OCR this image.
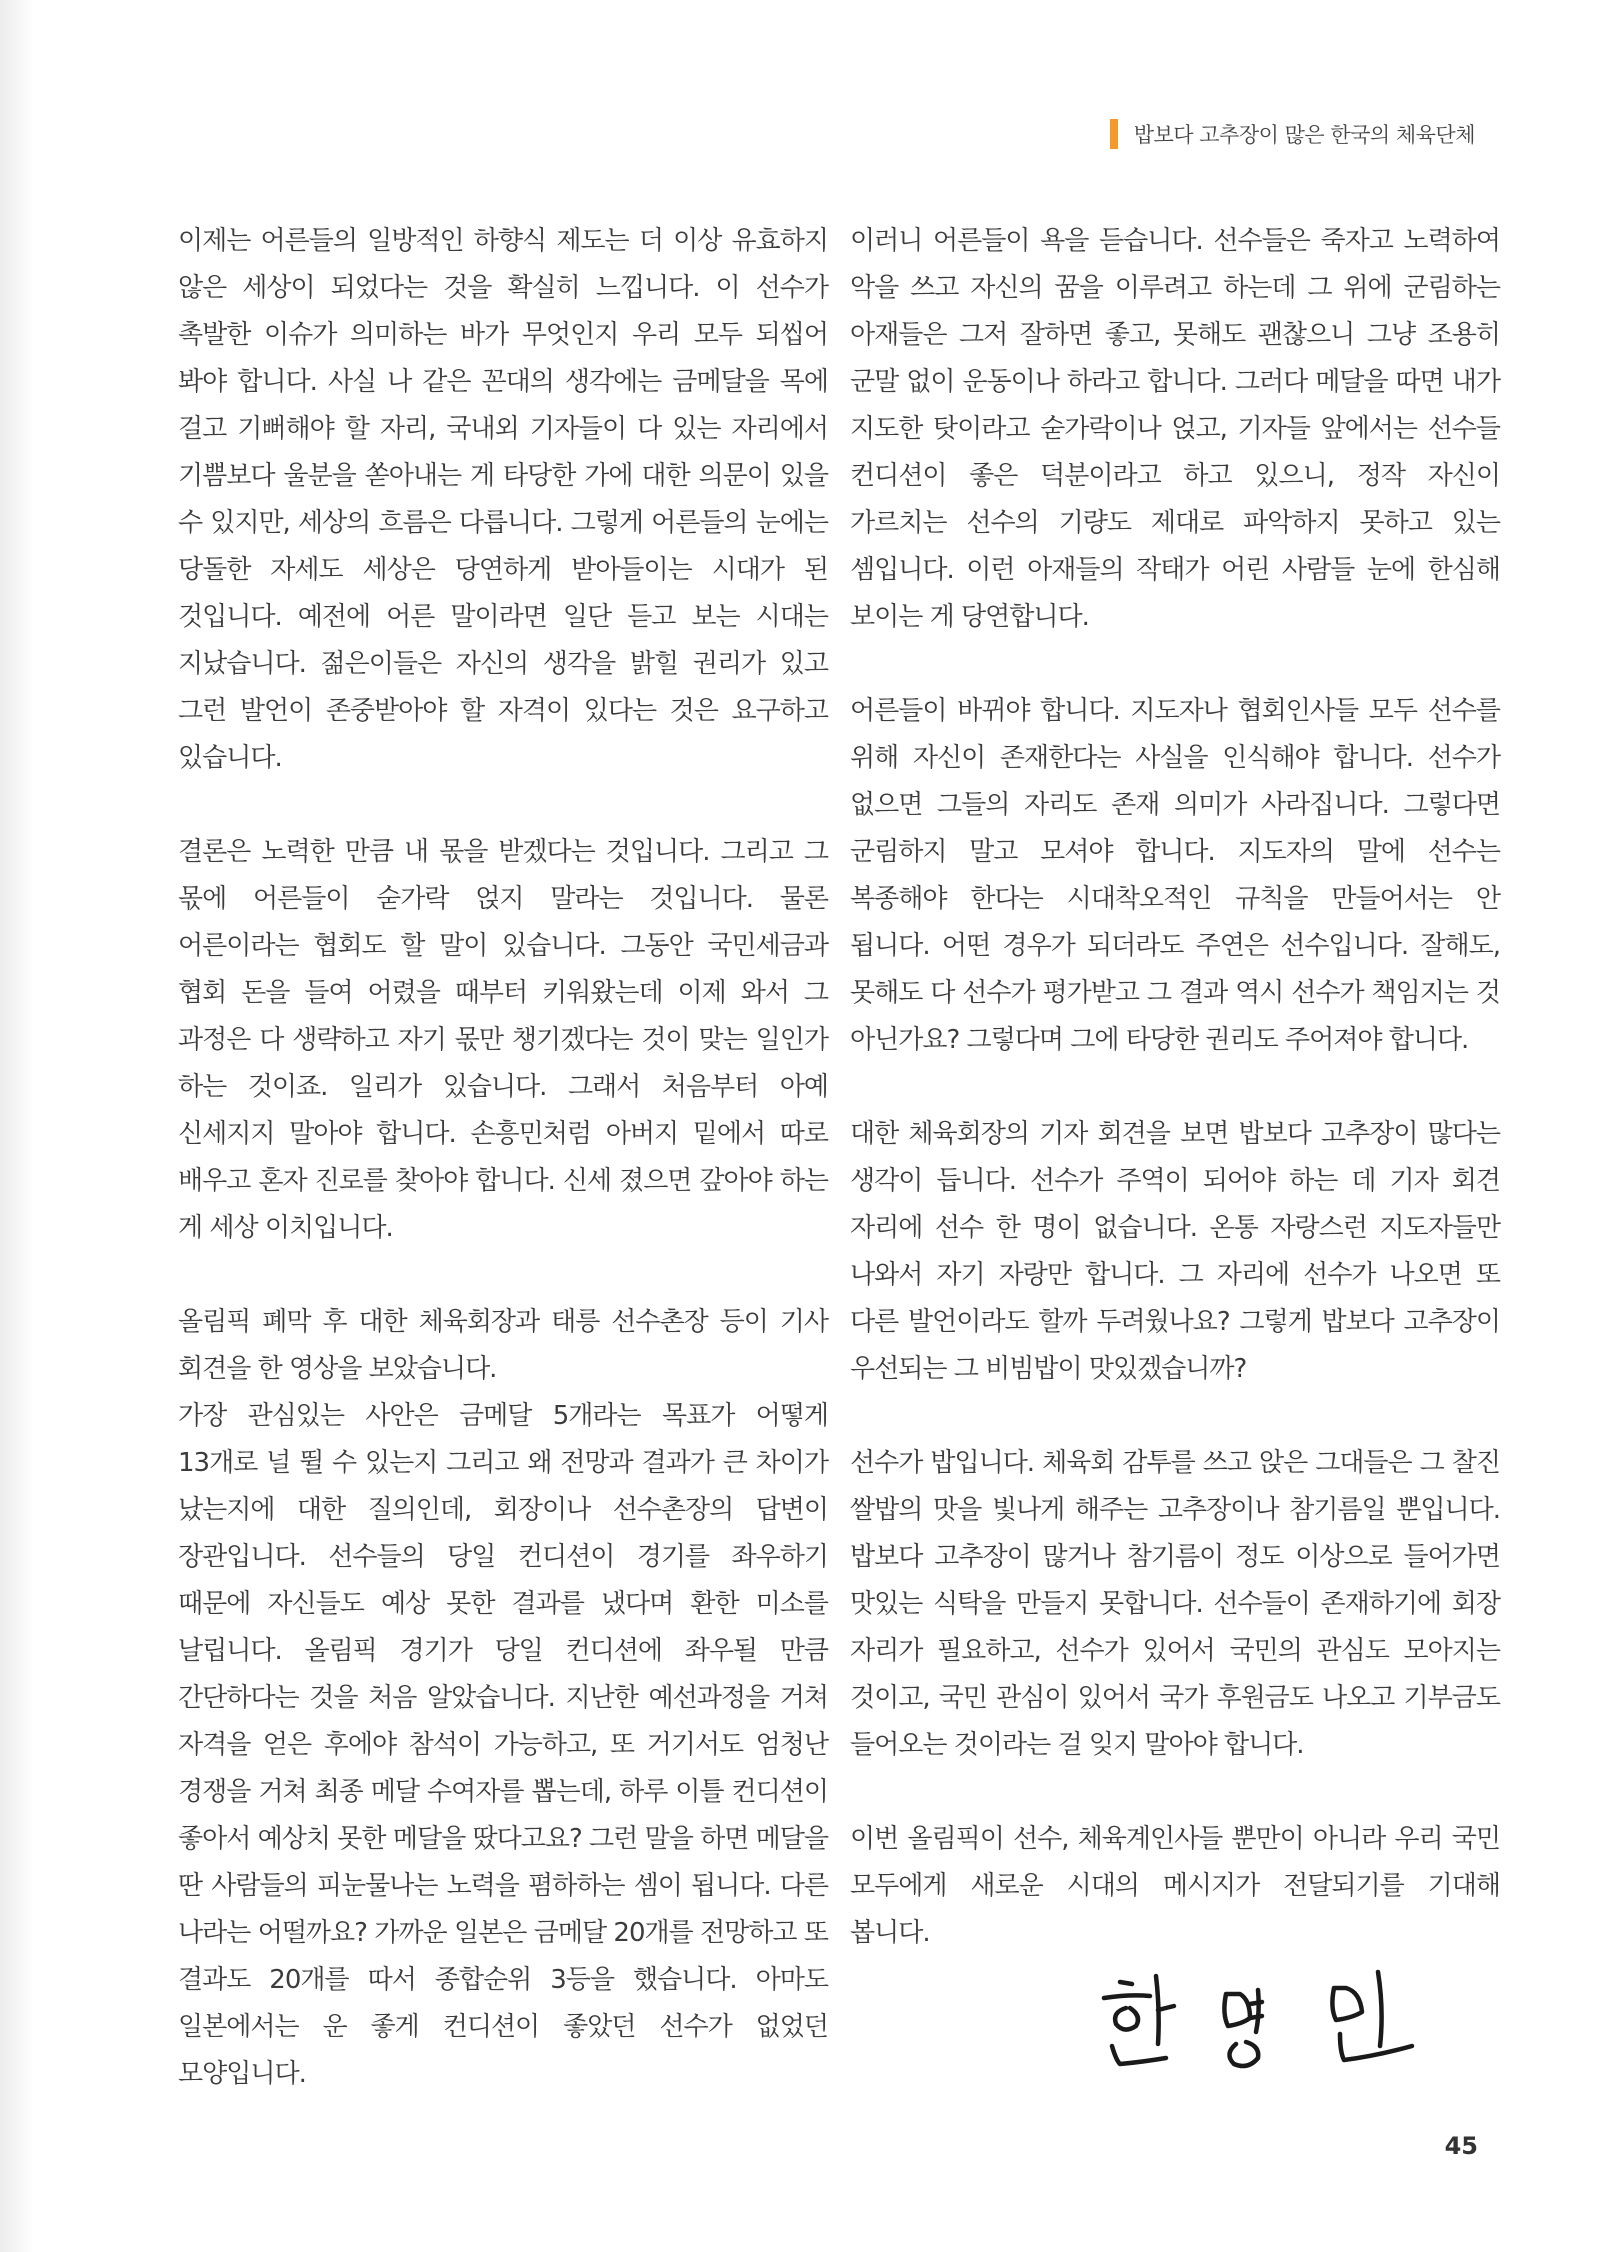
밥보다 고추장이 많은 한국의 체육단체

이제는 어른들의 일방적인 하향식 제도는 더 이상 유효하지 않은 세상이 되었다는 것을 확실히 느낍니다. 이 선수가 촉발한 이슈가 의미하는 바가 무엇인지 우리 모두 되씹어 봐야 합니다. 사실 나 같은 꼰대의 생각에는 금메달을 목에 걸고 기뻐해야 할 자리, 국내외 기자들이 다 있는 자리에서 기쁨보다 울분을 쏟아내는 게 타당한 가에 대한 의문이 있을 수 있지만, 세상의 흐름은 다릅니다. 그렇게 어른들의 눈에는 당돌한 자세도 세상은 당연하게 받아들이는 시대가 된 것입니다. 예전에 어른 말이라면 일단 듣고 보는 시대는 지났습니다. 젊은이들은 자신의 생각을 밝힐 권리가 있고 그런 발언이 존중받아야 할 자격이 있다는 것은 요구하고 있습니다.

결론은 노력한 만큼 내 몫을 받겠다는 것입니다. 그리고 그 몫에 어른들이 숟가락 얹지 말라는 것입니다. 물론 어른이라는 협회도 할 말이 있습니다. 그동안 국민세금과 협회 돈을 들여 어렸을 때부터 키워왔는데 이제 와서 그 과정은 다 생략하고 자기 몫만 챙기겠다는 것이 맞는 일인가 하는 것이죠. 일리가 있습니다. 그래서 처음부터 아예 신세지지 말아야 합니다. 손흥민처럼 아버지 밑에서 따로 배우고 혼자 진로를 찾아야 합니다. 신세 졌으면 갚아야 하는 게 세상 이치입니다.

올림픽 폐막 후 대한 체육회장과 태릉 선수촌장 등이 기사 회견을 한 영상을 보았습니다.

가장 관심있는 사안은 금메달 5개라는 목표가 어떻게 13개로 널 뛸 수 있는지 그리고 왜 전망과 결과가 큰 차이가 났는지에 대한 질의인데, 회장이나 선수촌장의 답변이 장관입니다. 선수들의 당일 컨디션이 경기를 좌우하기 때문에 자신들도 예상 못한 결과를 냈다며 환한 미소를 날립니다. 올림픽 경기가 당일 컨디션에 좌우될 만큼 간단하다는 것을 처음 알았습니다. 지난한 예선과정을 거쳐 자격을 얻은 후에야 참석이 가능하고, 또 거기서도 엄청난 경쟁을 거쳐 최종 메달 수여자를 뽑는데, 하루 이틀 컨디션이 좋아서 예상치 못한 메달을 땄다고요? 그런 말을 하면 메달을 딴 사람들의 피눈물나는 노력을 폄하하는 셈이 됩니다. 다른 나라는 어떨까요? 가까운 일본은 금메달 20개를 전망하고 또 결과도 20개를 따서 종합순위 3등을 했습니다. 아마도 일본에서는 운 좋게 컨디션이 좋았던 선수가 없었던 모양입니다.

이러니 어른들이 욕을 듣습니다. 선수들은 죽자고 노력하여 악을 쓰고 자신의 꿈을 이루려고 하는데 그 위에 군림하는 아재들은 그저 잘하면 좋고, 못해도 괜찮으니 그냥 조용히 군말 없이 운동이나 하라고 합니다. 그러다 메달을 따면 내가 지도한 탓이라고 숟가락이나 얹고, 기자들 앞에서는 선수들 컨디션이 좋은 덕분이라고 하고 있으니, 정작 자신이 가르치는 선수의 기량도 제대로 파악하지 못하고 있는 셈입니다. 이런 아재들의 작태가 어린 사람들 눈에 한심해 보이는 게 당연합니다.

어른들이 바뀌야 합니다. 지도자나 협회인사들 모두 선수를 위해 자신이 존재한다는 사실을 인식해야 합니다. 선수가 없으면 그들의 자리도 존재 의미가 사라집니다. 그렇다면 군림하지 말고 모셔야 합니다. 지도자의 말에 선수는 복종해야 한다는 시대착오적인 규칙을 만들어서는 안 됩니다. 어떤 경우가 되더라도 주연은 선수입니다. 잘해도, 못해도 다 선수가 평가받고 그 결과 역시 선수가 책임지는 것 아닌가요? 그렇다며 그에 타당한 권리도 주어져야 합니다.

대한 체육회장의 기자 회견을 보면 밥보다 고추장이 많다는 생각이 듭니다. 선수가 주역이 되어야 하는 데 기자 회견 자리에 선수 한 명이 없습니다. 온통 자랑스런 지도자들만 나와서 자기 자랑만 합니다. 그 자리에 선수가 나오면 또 다른 발언이라도 할까 두려웠나요? 그렇게 밥보다 고추장이 우선되는 그 비빔밥이 맛있겠습니까?

선수가 밥입니다. 체육회 감투를 쓰고 앉은 그대들은 그 찰진 쌀밥의 맛을 빛나게 해주는 고추장이나 참기름일 뿐입니다. 밥보다 고추장이 많거나 참기름이 정도 이상으로 들어가면 맛있는 식탁을 만들지 못합니다. 선수들이 존재하기에 회장 자리가 필요하고, 선수가 있어서 국민의 관심도 모아지는 것이고, 국민 관심이 있어서 국가 후원금도 나오고 기부금도 들어오는 것이라는 걸 잊지 말아야 합니다.

이번 올림픽이 선수, 체육계인사들 뿐만이 아니라 우리 국민 모두에게 새로운 시대의 메시지가 전달되기를 기대해 봅니다.

45
